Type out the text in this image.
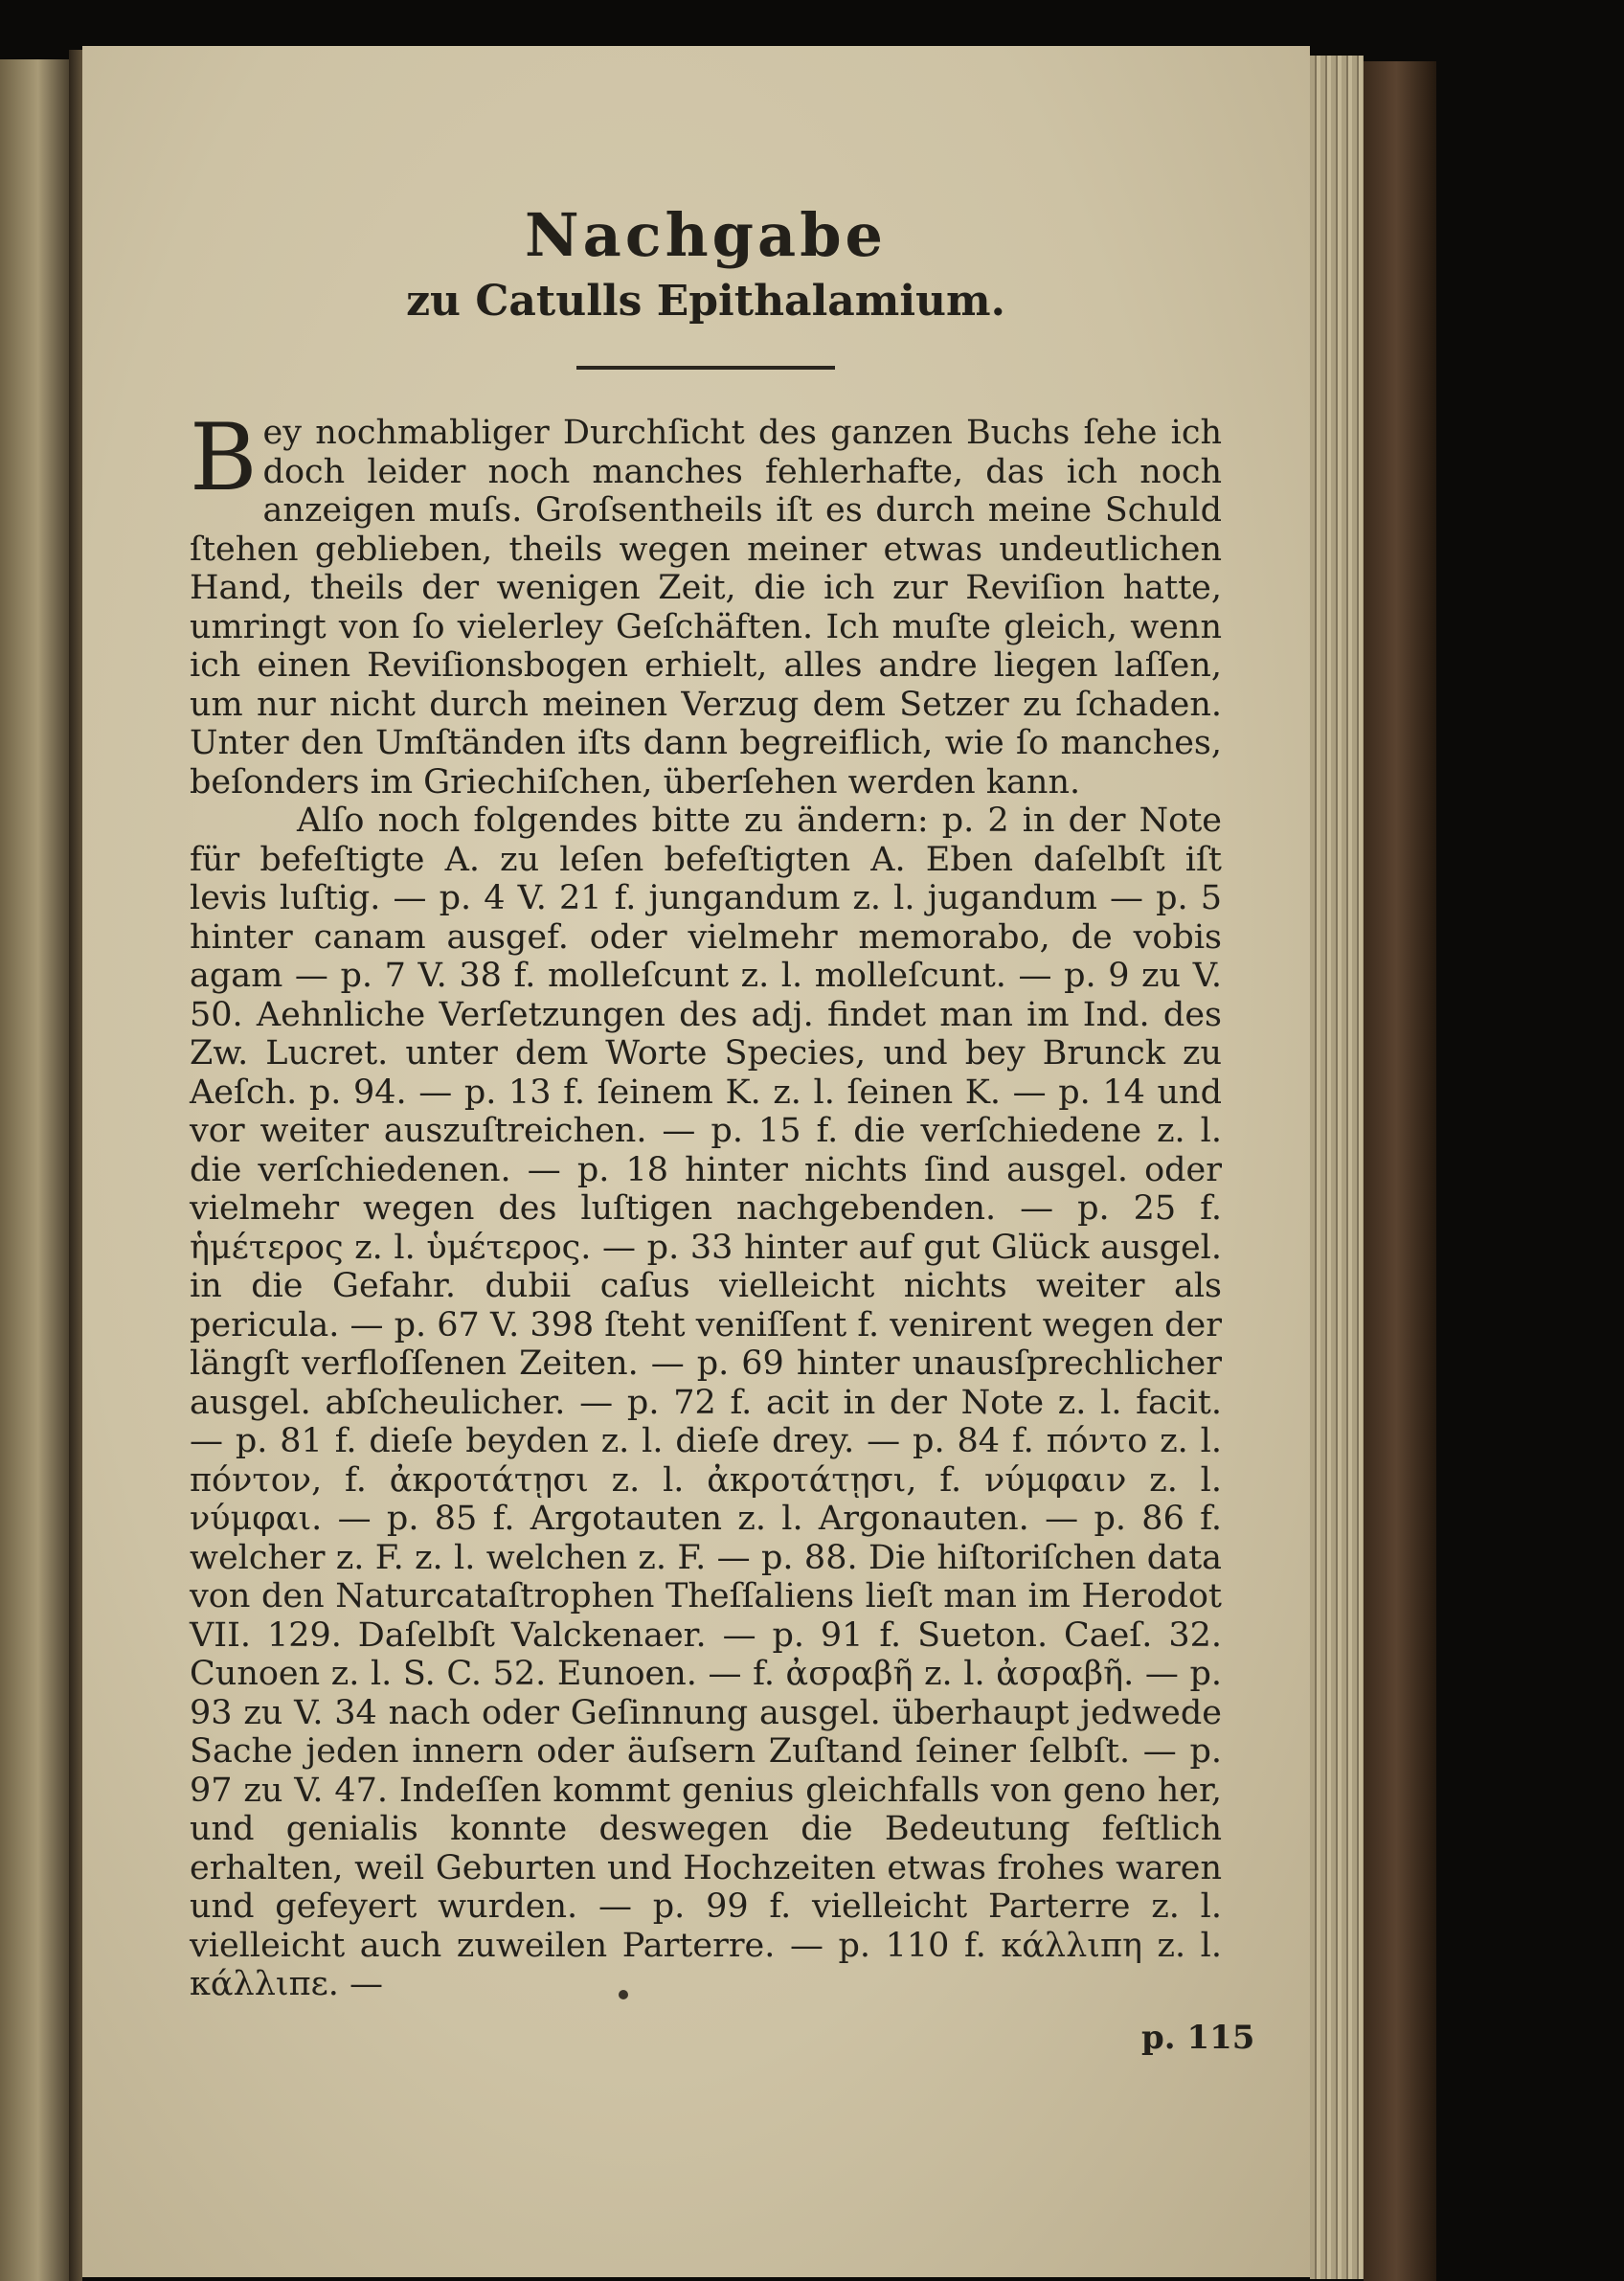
Nachgabe
zu Catulls Epithalamium.

Bey nochmabliger Durchſicht des ganzen Buchs ſehe ich doch leider noch manches fehlerhafte, das ich noch anzeigen muſs. Groſsentheils iſt es durch meine Schuld ſtehen geblieben, theils wegen meiner etwas undeutlichen Hand, theils der wenigen Zeit, die ich zur Reviſion hatte, umringt von ſo vielerley Geſchäften. Ich muſte gleich, wenn ich einen Reviſionsbogen erhielt, alles andre liegen laſſen, um nur nicht durch meinen Verzug dem Setzer zu ſchaden. Unter den Umſtänden iſts dann begreiflich, wie ſo manches, beſonders im Griechiſchen, überſehen werden kann.

Alſo noch folgendes bitte zu ändern: p. 2 in der Note für befeſtigte A. zu leſen befeſtigten A. Eben daſelbſt iſt levis luſtig. — p. 4 V. 21 f. jungandum z. l. jugandum — p. 5 hinter canam ausgef. oder vielmehr memorabo, de vobis agam — p. 7 V. 38 f. molleſcunt z. l. molleſcunt. — p. 9 zu V. 50. Aehnliche Verſetzungen des adj. findet man im Ind. des Zw. Lucret. unter dem Worte Species, und bey Brunck zu Aeſch. p. 94. — p. 13 f. ſeinem K. z. l. ſeinen K. — p. 14 und vor weiter auszuſtreichen. — p. 15 f. die verſchiedene z. l. die verſchiedenen. — p. 18 hinter nichts ſind ausgel. oder vielmehr wegen des luſtigen nachgebenden. — p. 25 f. ἡμέτερος z. l. ὑμέτερος. — p. 33 hinter auf gut Glück ausgel. in die Gefahr. dubii caſus vielleicht nichts weiter als pericula. — p. 67 V. 398 ſteht veniſſent f. venirent wegen der längſt verfloſſenen Zeiten. — p. 69 hinter unausſprechlicher ausgel. abſcheulicher. — p. 72 f. acit in der Note z. l. facit. — p. 81 f. dieſe beyden z. l. dieſe drey. — p. 84 f. πόντο z. l. πόντον, f. ἀκροτάτῃσι z. l. ἀκροτάτῃσι, f. νύμφαιν z. l. νύμφαι. — p. 85 f. Argotauten z. l. Argonauten. — p. 86 f. welcher z. F. z. l. welchen z. F. — p. 88. Die hiſtoriſchen data von den Naturcataſtrophen Theſſaliens lieſt man im Herodot VII. 129. Daſelbſt Valckenaer. — p. 91 f. Sueton. Caeſ. 32. Cunoen z. l. S. C. 52. Eunoen. — f. ἀσραβῆ z. l. ἀσραβῆ. — p. 93 zu V. 34 nach oder Geſinnung ausgel. überhaupt jedwede Sache jeden innern oder äuſsern Zuſtand ſeiner ſelbſt. — p. 97 zu V. 47. Indeſſen kommt genius gleichfalls von geno her, und genialis konnte deswegen die Bedeutung feſtlich erhalten, weil Geburten und Hochzeiten etwas frohes waren und gefeyert wurden. — p. 99 f. vielleicht Parterre z. l. vielleicht auch zuweilen Parterre. — p. 110 f. κάλλιπη z. l. κάλλιπε. —

p. 115
